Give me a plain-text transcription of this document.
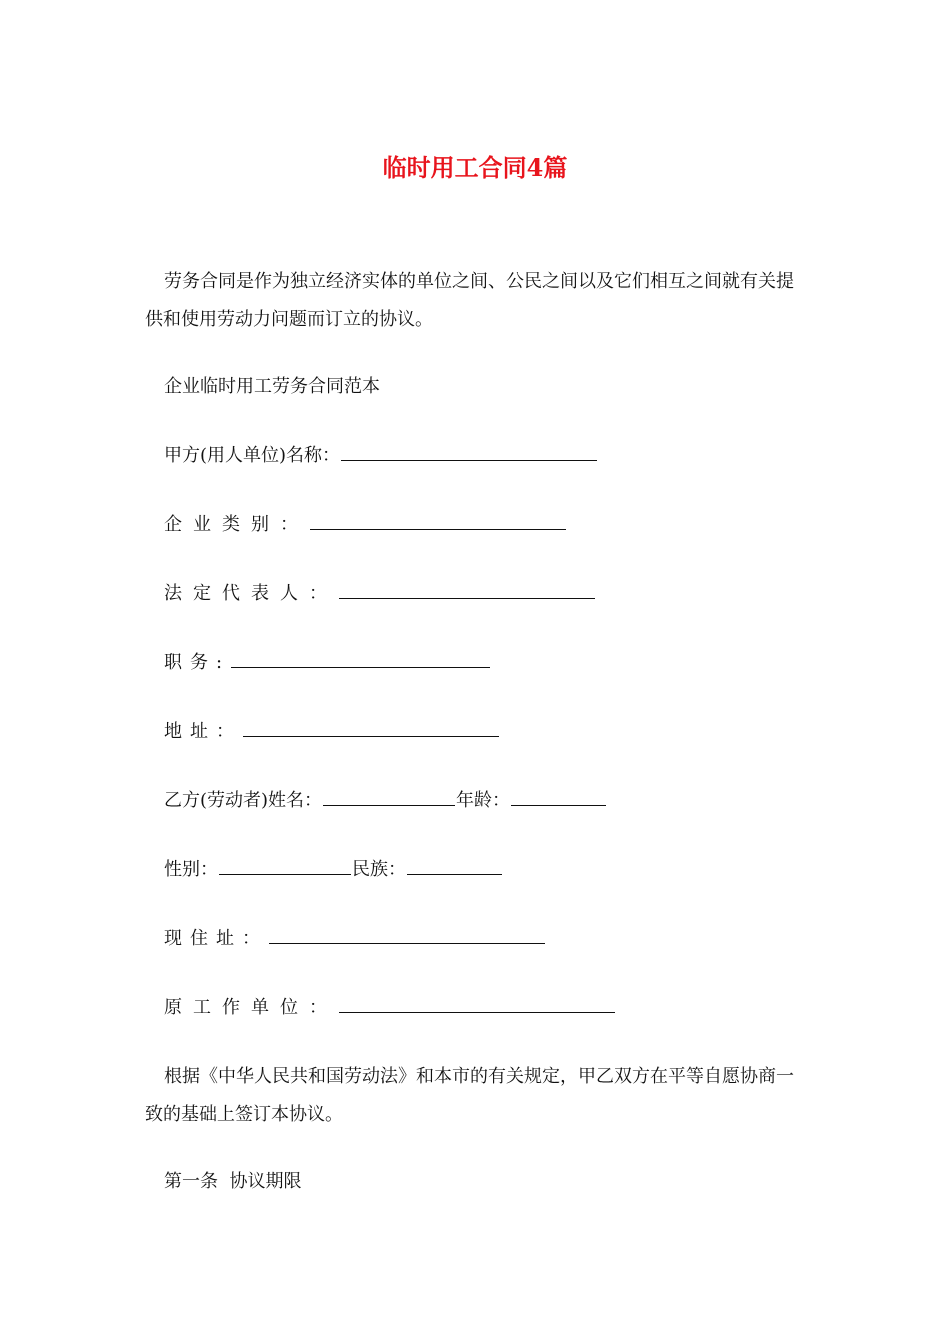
临时用工合同4篇

劳务合同是作为独立经济实体的单位之间、公民之间以及它们相互之间就有关提供和使用劳动力问题而订立的协议。

企业临时用工劳务合同范本

甲方(用人单位)名称：

企业类别：

法定代表人：

职务:

地址：

乙方(劳动者)姓名：	年龄：

性别：	民族：

现住址：

原工作单位：

根据《中华人民共和国劳动法》和本市的有关规定，甲乙双方在平等自愿协商一致的基础上签订本协议。

第一条  协议期限
